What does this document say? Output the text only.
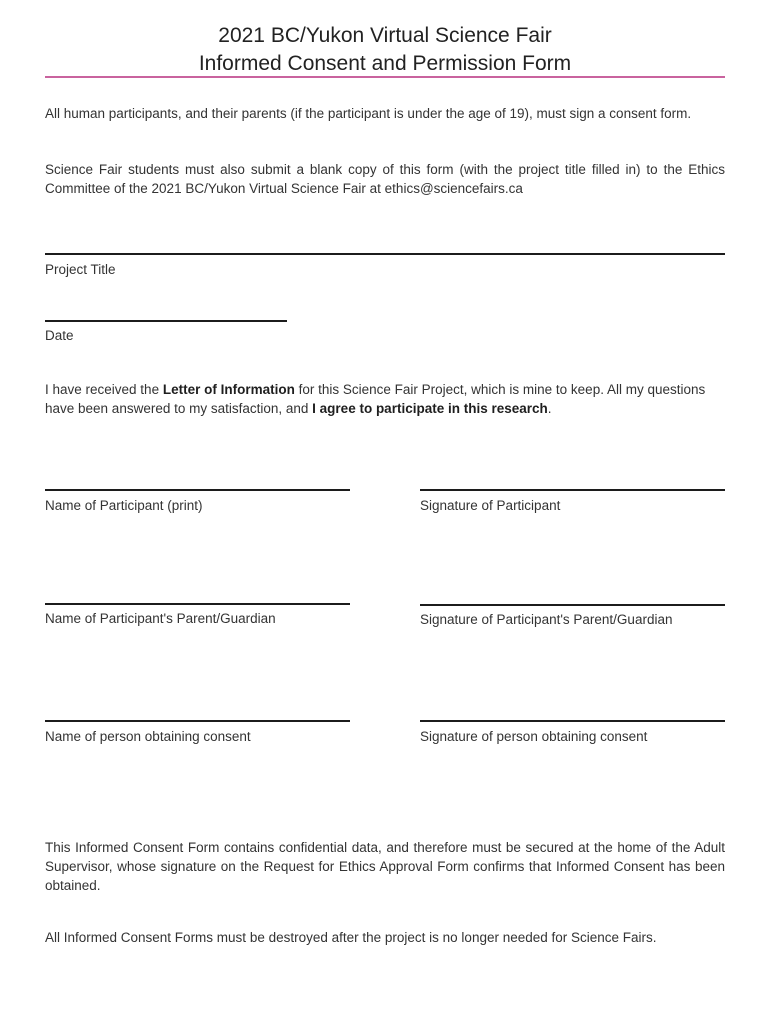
2021 BC/Yukon Virtual Science Fair
Informed Consent and Permission Form

All human participants, and their parents (if the participant is under the age of 19), must sign a consent form.

Science Fair students must also submit a blank copy of this form (with the project title filled in) to the Ethics Committee of the 2021 BC/Yukon Virtual Science Fair at ethics@sciencefairs.ca

Project Title
Date

I have received the Letter of Information for this Science Fair Project, which is mine to keep. All my questions have been answered to my satisfaction, and I agree to participate in this research.

Name of Participant (print)	Signature of Participant
Name of Participant's Parent/Guardian	Signature of Participant's Parent/Guardian
Name of person obtaining consent	Signature of person obtaining consent

This Informed Consent Form contains confidential data, and therefore must be secured at the home of the Adult Supervisor, whose signature on the Request for Ethics Approval Form confirms that Informed Consent has been obtained.

All Informed Consent Forms must be destroyed after the project is no longer needed for Science Fairs.
